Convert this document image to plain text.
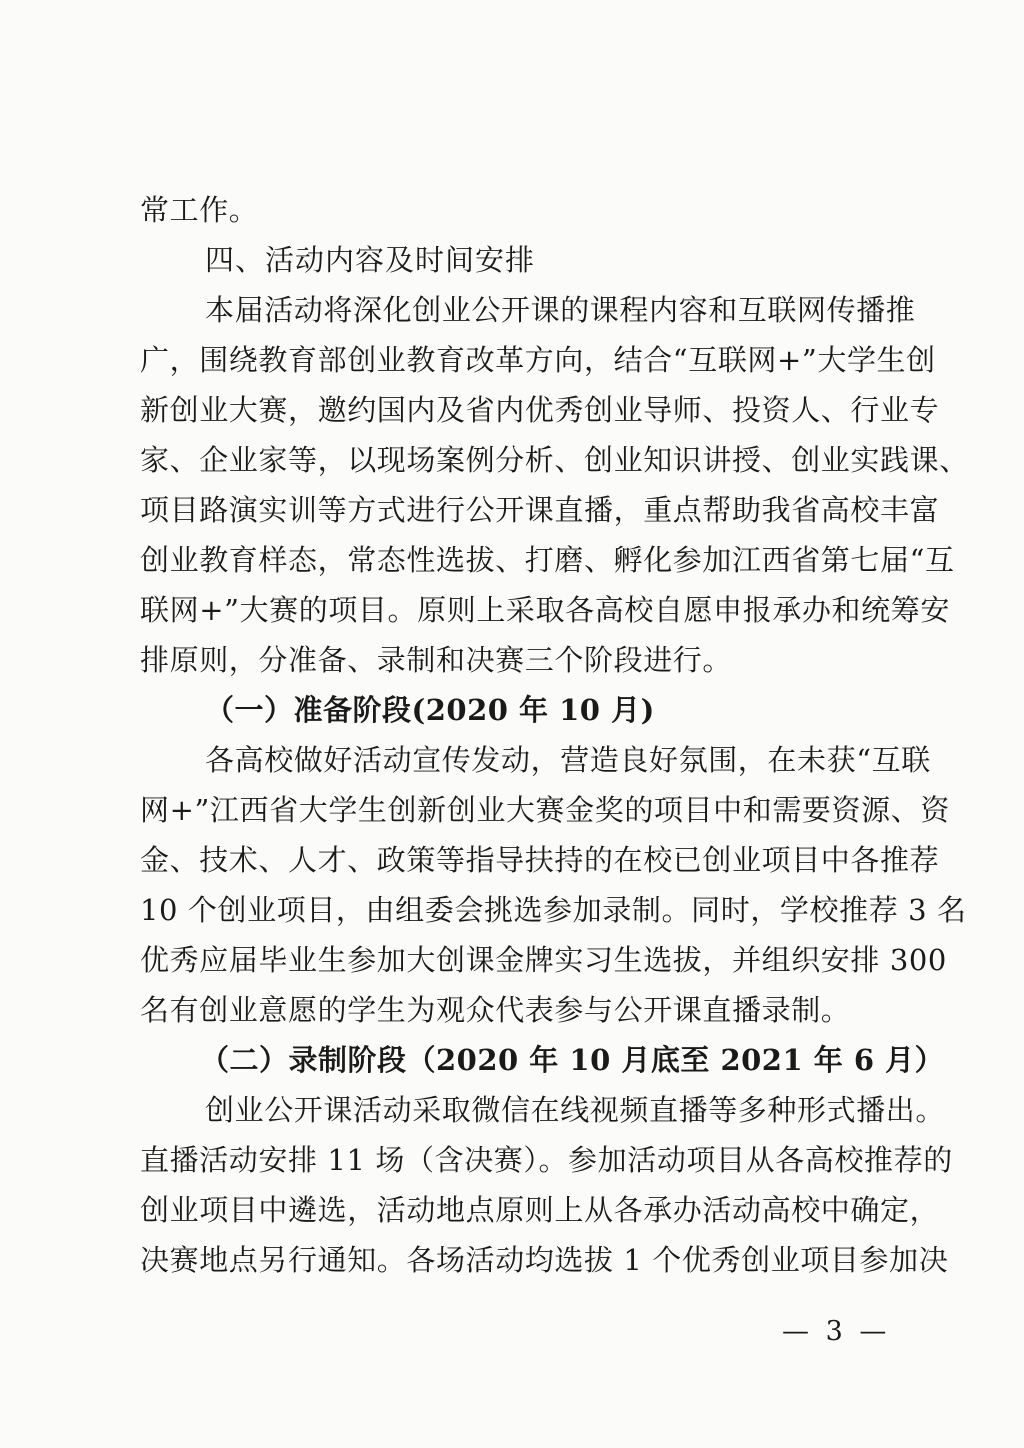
常工作。
四、活动内容及时间安排
本届活动将深化创业公开课的课程内容和互联网传播推
广，围绕教育部创业教育改革方向，结合“互联网+”大学生创
新创业大赛，邀约国内及省内优秀创业导师、投资人、行业专
家、企业家等，以现场案例分析、创业知识讲授、创业实践课、
项目路演实训等方式进行公开课直播，重点帮助我省高校丰富
创业教育样态，常态性选拔、打磨、孵化参加江西省第七届“互
联网+”大赛的项目。原则上采取各高校自愿申报承办和统筹安
排原则，分准备、录制和决赛三个阶段进行。
（一）准备阶段(2020 年 10 月)
各高校做好活动宣传发动，营造良好氛围，在未获“互联
网+”江西省大学生创新创业大赛金奖的项目中和需要资源、资
金、技术、人才、政策等指导扶持的在校已创业项目中各推荐
10 个创业项目，由组委会挑选参加录制。同时，学校推荐 3 名
优秀应届毕业生参加大创课金牌实习生选拔，并组织安排 300
名有创业意愿的学生为观众代表参与公开课直播录制。
（二）录制阶段（2020 年 10 月底至 2021 年 6 月）
创业公开课活动采取微信在线视频直播等多种形式播出。
直播活动安排 11 场（含决赛）。参加活动项目从各高校推荐的
创业项目中遴选，活动地点原则上从各承办活动高校中确定，
决赛地点另行通知。各场活动均选拔 1 个优秀创业项目参加决
— 3 —
